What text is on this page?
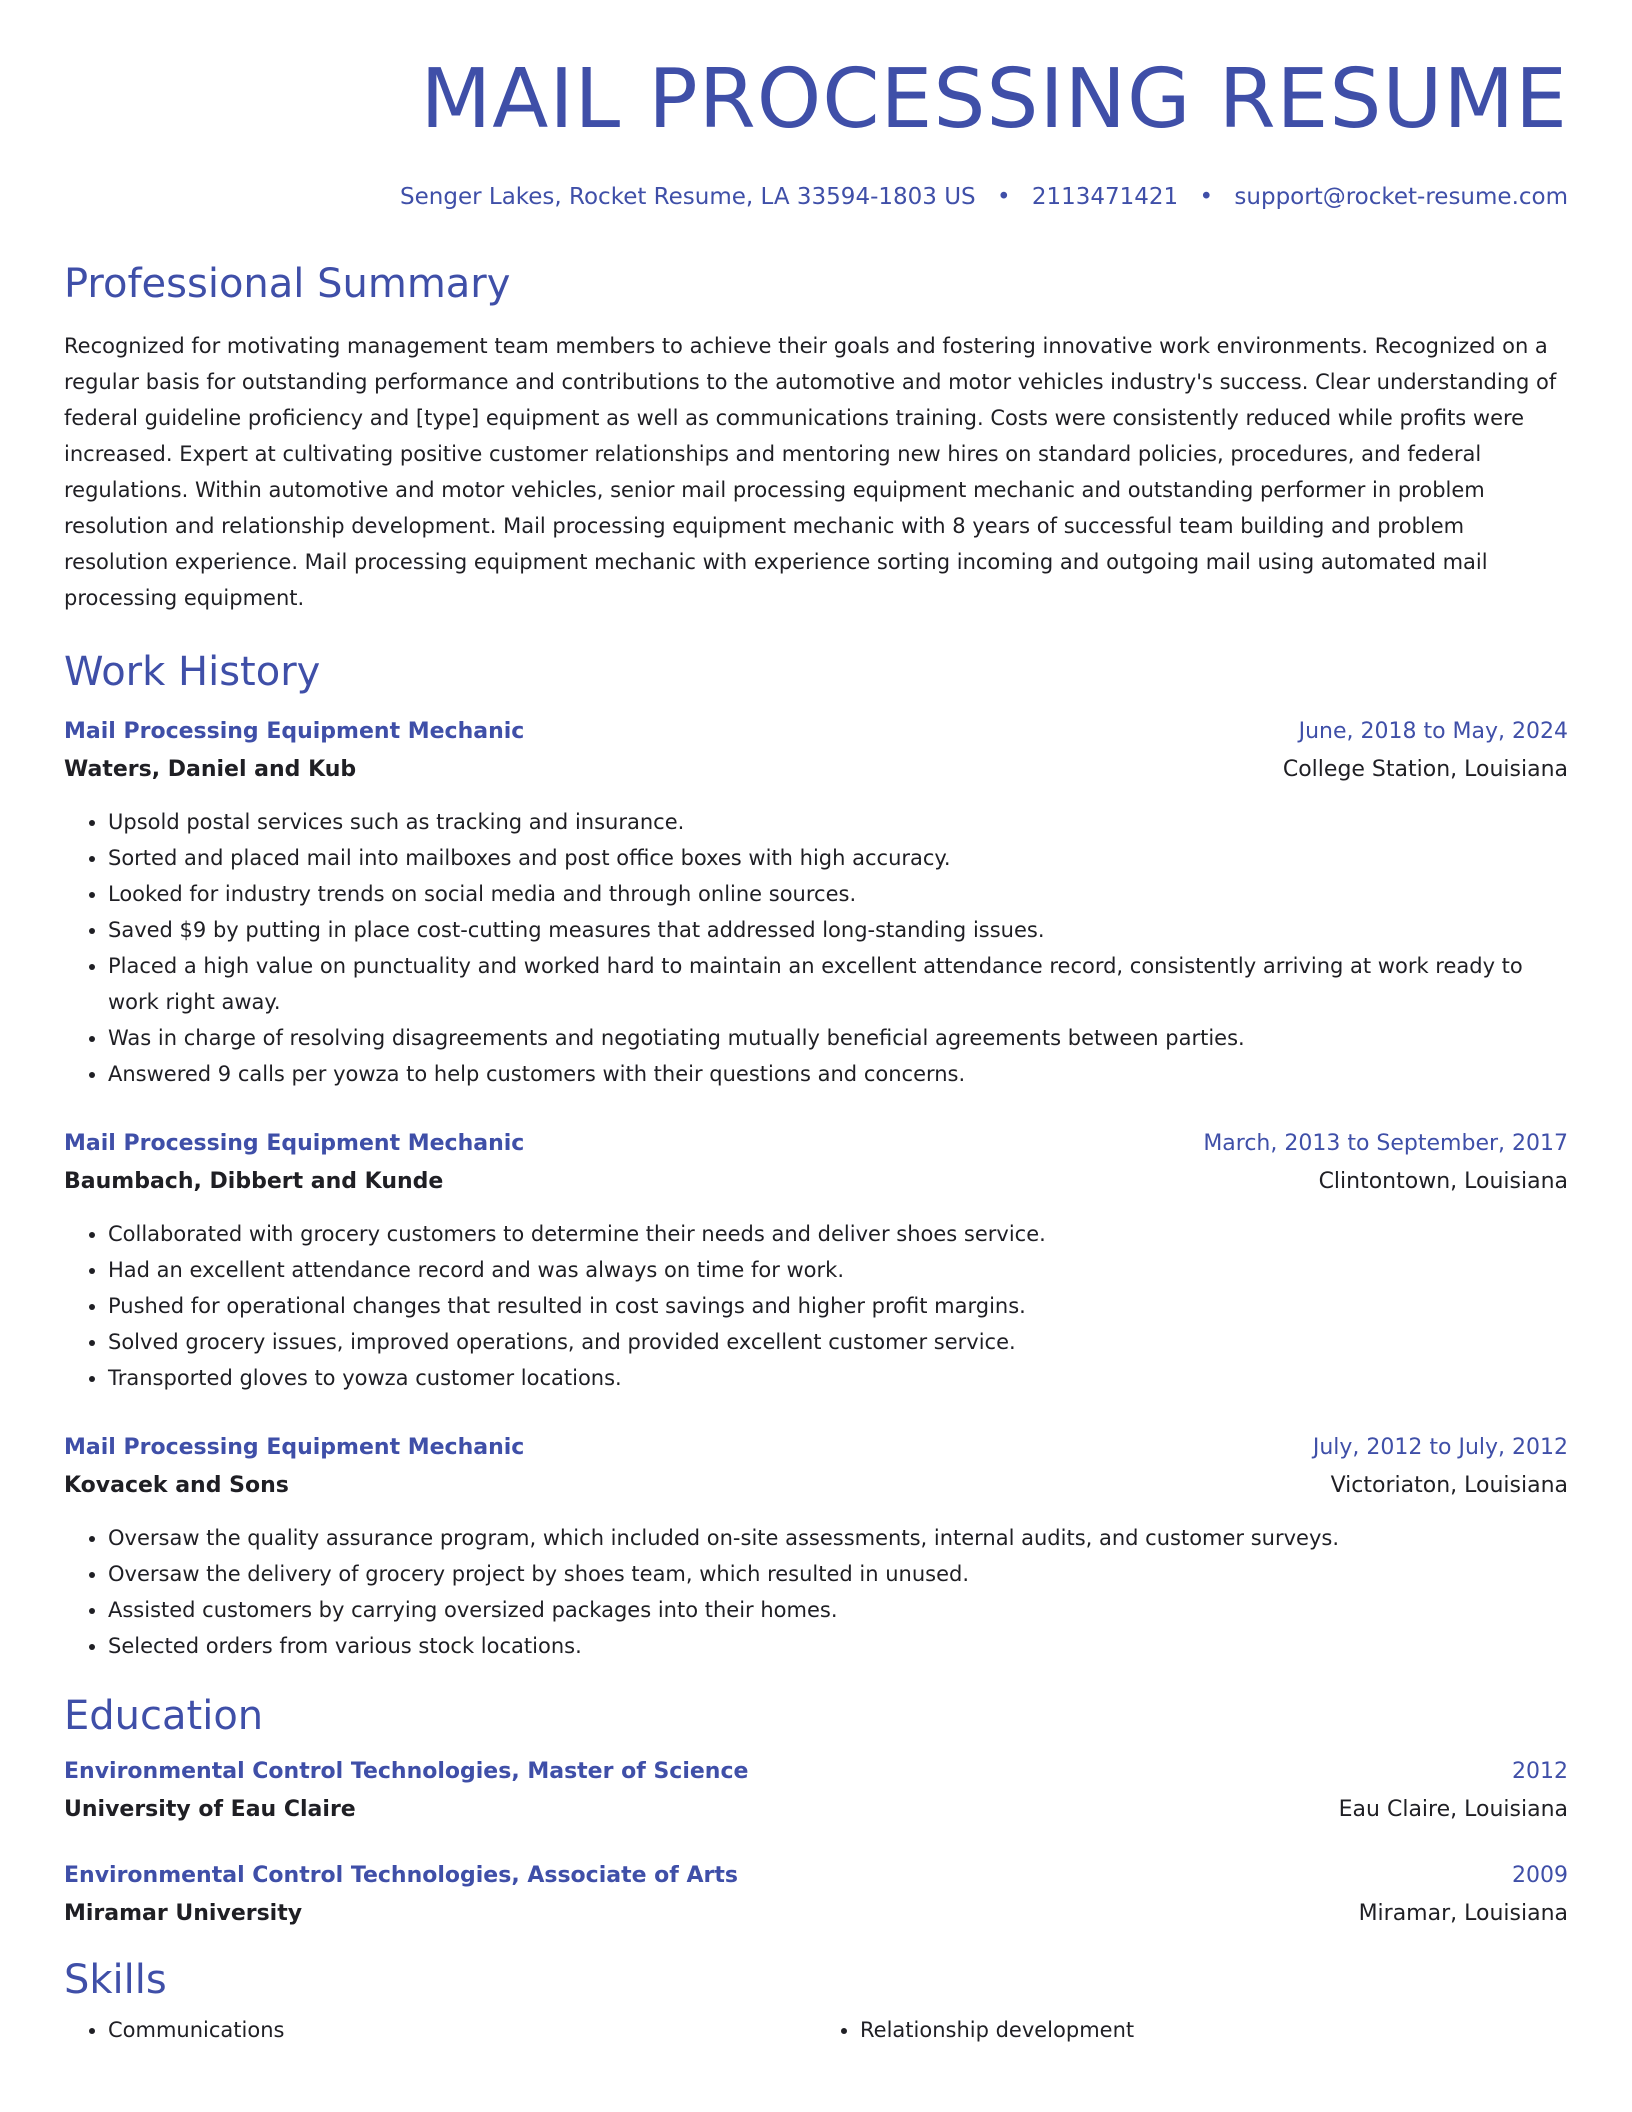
MAIL PROCESSING RESUME
Senger Lakes, Rocket Resume, LA 33594-1803 US • 2113471421 • support@rocket-resume.com
Professional Summary

Recognized for motivating management team members to achieve their goals and fostering innovative work environments. Recognized on a regular basis for outstanding performance and contributions to the automotive and motor vehicles industry's success. Clear understanding of federal guideline proficiency and [type] equipment as well as communications training. Costs were consistently reduced while profits were increased. Expert at cultivating positive customer relationships and mentoring new hires on standard policies, procedures, and federal regulations. Within automotive and motor vehicles, senior mail processing equipment mechanic and outstanding performer in problem resolution and relationship development. Mail processing equipment mechanic with 8 years of successful team building and problem resolution experience. Mail processing equipment mechanic with experience sorting incoming and outgoing mail using automated mail processing equipment.

Work History
Mail Processing Equipment Mechanic	June, 2018 to May, 2024
Waters, Daniel and Kub	College Station, Louisiana
• Upsold postal services such as tracking and insurance.
• Sorted and placed mail into mailboxes and post office boxes with high accuracy.
• Looked for industry trends on social media and through online sources.
• Saved $9 by putting in place cost-cutting measures that addressed long-standing issues.
• Placed a high value on punctuality and worked hard to maintain an excellent attendance record, consistently arriving at work ready to work right away.
• Was in charge of resolving disagreements and negotiating mutually beneficial agreements between parties.
• Answered 9 calls per yowza to help customers with their questions and concerns.
Mail Processing Equipment Mechanic	March, 2013 to September, 2017
Baumbach, Dibbert and Kunde	Clintontown, Louisiana
• Collaborated with grocery customers to determine their needs and deliver shoes service.
• Had an excellent attendance record and was always on time for work.
• Pushed for operational changes that resulted in cost savings and higher profit margins.
• Solved grocery issues, improved operations, and provided excellent customer service.
• Transported gloves to yowza customer locations.
Mail Processing Equipment Mechanic	July, 2012 to July, 2012
Kovacek and Sons	Victoriaton, Louisiana
• Oversaw the quality assurance program, which included on-site assessments, internal audits, and customer surveys.
• Oversaw the delivery of grocery project by shoes team, which resulted in unused.
• Assisted customers by carrying oversized packages into their homes.
• Selected orders from various stock locations.
Education
Environmental Control Technologies, Master of Science	2012
University of Eau Claire	Eau Claire, Louisiana
Environmental Control Technologies, Associate of Arts	2009
Miramar University	Miramar, Louisiana
Skills
• Communications
•	Relationship development
